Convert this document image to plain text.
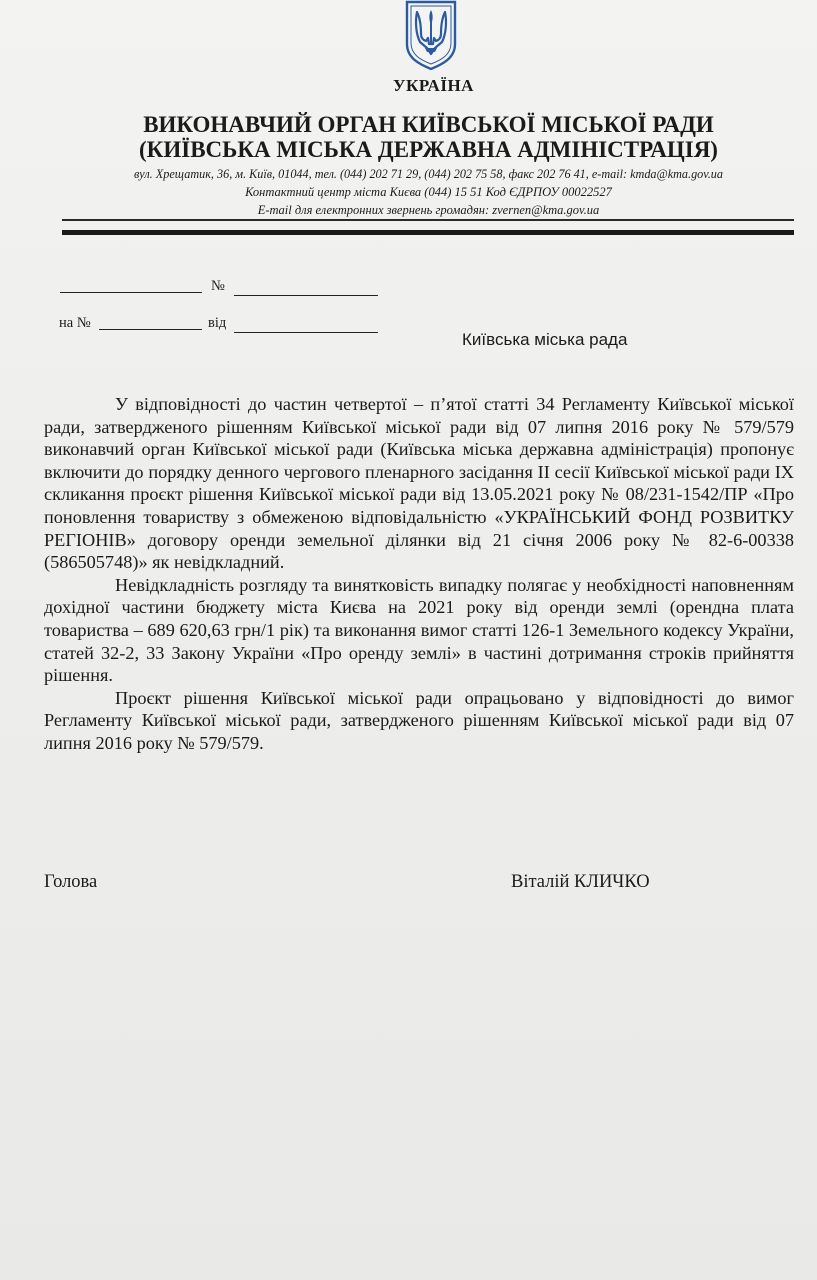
УКРАЇНА
ВИКОНАВЧИЙ ОРГАН КИЇВСЬКОЇ МІСЬКОЇ РАДИ
(КИЇВСЬКА МІСЬКА ДЕРЖАВНА АДМІНІСТРАЦІЯ)
вул. Хрещатик, 36, м. Київ, 01044, тел. (044) 202 71 29, (044) 202 75 58, факс 202 76 41, e-mail: kmda@kma.gov.ua
Контактний центр міста Києва (044) 15 51 Код ЄДРПОУ 00022527
E-mail для електронних звернень громадян: zvernen@kma.gov.ua
№
на №	від
Київська міська рада

У відповідності до частин четвертої – п’ятої статті 34 Регламенту Київської міської ради, затвердженого рішенням Київської міської ради від 07 липня 2016 року № 579/579 виконавчий орган Київської міської ради (Київська міська державна адміністрація) пропонує включити до порядку денного чергового пленарного засідання ІІ сесії Київської міської ради ІХ скликання проєкт рішення Київської міської ради від 13.05.2021 року № 08/231-1542/ПР «Про поновлення товариству з обмеженою відповідальністю «УКРАЇНСЬКИЙ ФОНД РОЗВИТКУ РЕГІОНІВ» договору оренди земельної ділянки від 21 січня 2006 року № 82-6-00338 (586505748)» як невідкладний.

Невідкладність розгляду та винятковість випадку полягає у необхідності наповненням дохідної частини бюджету міста Києва на 2021 року від оренди землі (орендна плата товариства – 689 620,63 грн/1 рік) та виконання вимог статті 126-1 Земельного кодексу України, статей 32-2, 33 Закону України «Про оренду землі» в частині дотримання строків прийняття рішення.

Проєкт рішення Київської міської ради опрацьовано у відповідності до вимог Регламенту Київської міської ради, затвердженого рішенням Київської міської ради від 07 липня 2016 року № 579/579.

Голова	Віталій КЛИЧКО
